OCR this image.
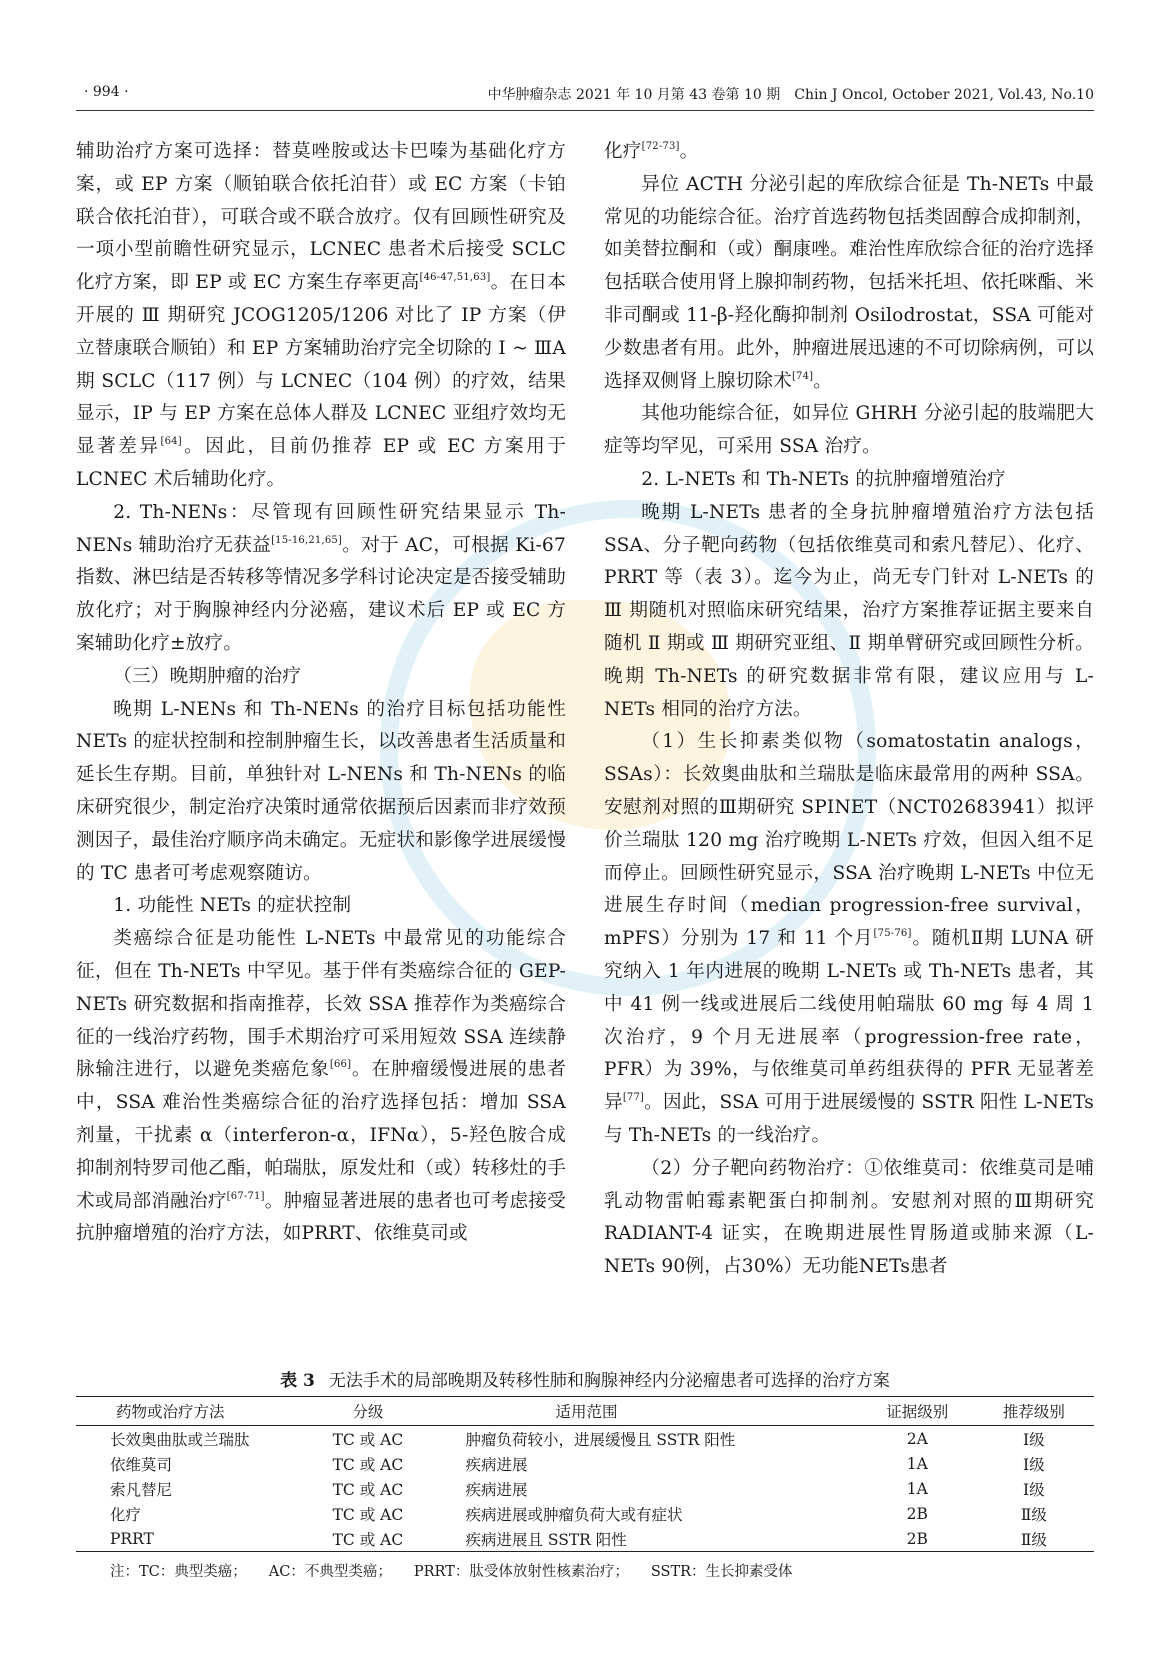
· 994 ·	中华肿瘤杂志 2021 年 10 月第 43 卷第 10 期　Chin J Oncol, October 2021, Vol.43, No.10

辅助治疗方案可选择：替莫唑胺或达卡巴嗪为基础化疗方案，或 EP 方案（顺铂联合依托泊苷）或 EC 方案（卡铂联合依托泊苷），可联合或不联合放疗。仅有回顾性研究及一项小型前瞻性研究显示，LCNEC 患者术后接受 SCLC 化疗方案，即 EP 或 EC 方案生存率更高[46-47,51,63]。在日本开展的 Ⅲ 期研究 JCOG1205/1206 对比了 IP 方案（伊立替康联合顺铂）和 EP 方案辅助治疗完全切除的 Ⅰ ~ ⅢA 期 SCLC（117 例）与 LCNEC（104 例）的疗效，结果显示，IP 与 EP 方案在总体人群及 LCNEC 亚组疗效均无显著差异[64]。因此，目前仍推荐 EP 或 EC 方案用于 LCNEC 术后辅助化疗。

2. Th-NENs：尽管现有回顾性研究结果显示 Th-NENs 辅助治疗无获益[15-16,21,65]。对于 AC，可根据 Ki-67 指数、淋巴结是否转移等情况多学科讨论决定是否接受辅助放化疗；对于胸腺神经内分泌癌，建议术后 EP 或 EC 方案辅助化疗±放疗。

（三）晚期肿瘤的治疗

晚期 L-NENs 和 Th-NENs 的治疗目标包括功能性 NETs 的症状控制和控制肿瘤生长，以改善患者生活质量和延长生存期。目前，单独针对 L-NENs 和 Th-NENs 的临床研究很少，制定治疗决策时通常依据预后因素而非疗效预测因子，最佳治疗顺序尚未确定。无症状和影像学进展缓慢的 TC 患者可考虑观察随访。

1. 功能性 NETs 的症状控制

类癌综合征是功能性 L-NETs 中最常见的功能综合征，但在 Th-NETs 中罕见。基于伴有类癌综合征的 GEP-NETs 研究数据和指南推荐，长效 SSA 推荐作为类癌综合征的一线治疗药物，围手术期治疗可采用短效 SSA 连续静脉输注进行，以避免类癌危象[66]。在肿瘤缓慢进展的患者中，SSA 难治性类癌综合征的治疗选择包括：增加 SSA 剂量，干扰素 α（interferon-α，IFNα），5-羟色胺合成抑制剂特罗司他乙酯，帕瑞肽，原发灶和（或）转移灶的手术或局部消融治疗[67-71]。肿瘤显著进展的患者也可考虑接受抗肿瘤增殖的治疗方法，如PRRT、依维莫司或

化疗[72-73]。

异位 ACTH 分泌引起的库欣综合征是 Th-NETs 中最常见的功能综合征。治疗首选药物包括类固醇合成抑制剂，如美替拉酮和（或）酮康唑。难治性库欣综合征的治疗选择包括联合使用肾上腺抑制药物，包括米托坦、依托咪酯、米非司酮或 11-β-羟化酶抑制剂 Osilodrostat，SSA 可能对少数患者有用。此外，肿瘤进展迅速的不可切除病例，可以选择双侧肾上腺切除术[74]。

其他功能综合征，如异位 GHRH 分泌引起的肢端肥大症等均罕见，可采用 SSA 治疗。

2. L-NETs 和 Th-NETs 的抗肿瘤增殖治疗

晚期 L-NETs 患者的全身抗肿瘤增殖治疗方法包括 SSA、分子靶向药物（包括依维莫司和索凡替尼）、化疗、PRRT 等（表 3）。迄今为止，尚无专门针对 L-NETs 的 Ⅲ 期随机对照临床研究结果，治疗方案推荐证据主要来自随机 Ⅱ 期或 Ⅲ 期研究亚组、Ⅱ 期单臂研究或回顾性分析。晚期 Th-NETs 的研究数据非常有限，建议应用与 L-NETs 相同的治疗方法。

（1）生长抑素类似物（somatostatin analogs，SSAs）：长效奥曲肽和兰瑞肽是临床最常用的两种 SSA。安慰剂对照的Ⅲ期研究 SPINET（NCT02683941）拟评价兰瑞肽 120 mg 治疗晚期 L-NETs 疗效，但因入组不足而停止。回顾性研究显示，SSA 治疗晚期 L-NETs 中位无进展生存时间（median progression-free survival，mPFS）分别为 17 和 11 个月[75-76]。随机Ⅱ期 LUNA 研究纳入 1 年内进展的晚期 L-NETs 或 Th-NETs 患者，其中 41 例一线或进展后二线使用帕瑞肽 60 mg 每 4 周 1 次治疗，9 个月无进展率（progression-free rate，PFR）为 39%，与依维莫司单药组获得的 PFR 无显著差异[77]。因此，SSA 可用于进展缓慢的 SSTR 阳性 L-NETs 与 Th-NETs 的一线治疗。

（2）分子靶向药物治疗：①依维莫司：依维莫司是哺乳动物雷帕霉素靶蛋白抑制剂。安慰剂对照的Ⅲ期研究 RADIANT-4 证实，在晚期进展性胃肠道或肺来源（L-NETs 90例，占30%）无功能NETs患者

表 3 无法手术的局部晚期及转移性肺和胸腺神经内分泌瘤患者可选择的治疗方案
药物或治疗方法	分级	适用范围	证据级别	推荐级别
长效奥曲肽或兰瑞肽	TC 或 AC	肿瘤负荷较小，进展缓慢且 SSTR 阳性	2A	Ⅰ级
依维莫司	TC 或 AC	疾病进展	1A	Ⅰ级
索凡替尼	TC 或 AC	疾病进展	1A	Ⅰ级
化疗	TC 或 AC	疾病进展或肿瘤负荷大或有症状	2B	Ⅱ级
PRRT	TC 或 AC	疾病进展且 SSTR 阳性	2B	Ⅱ级
注：TC：典型类癌； AC：不典型类癌； PRRT：肽受体放射性核素治疗； SSTR：生长抑素受体
